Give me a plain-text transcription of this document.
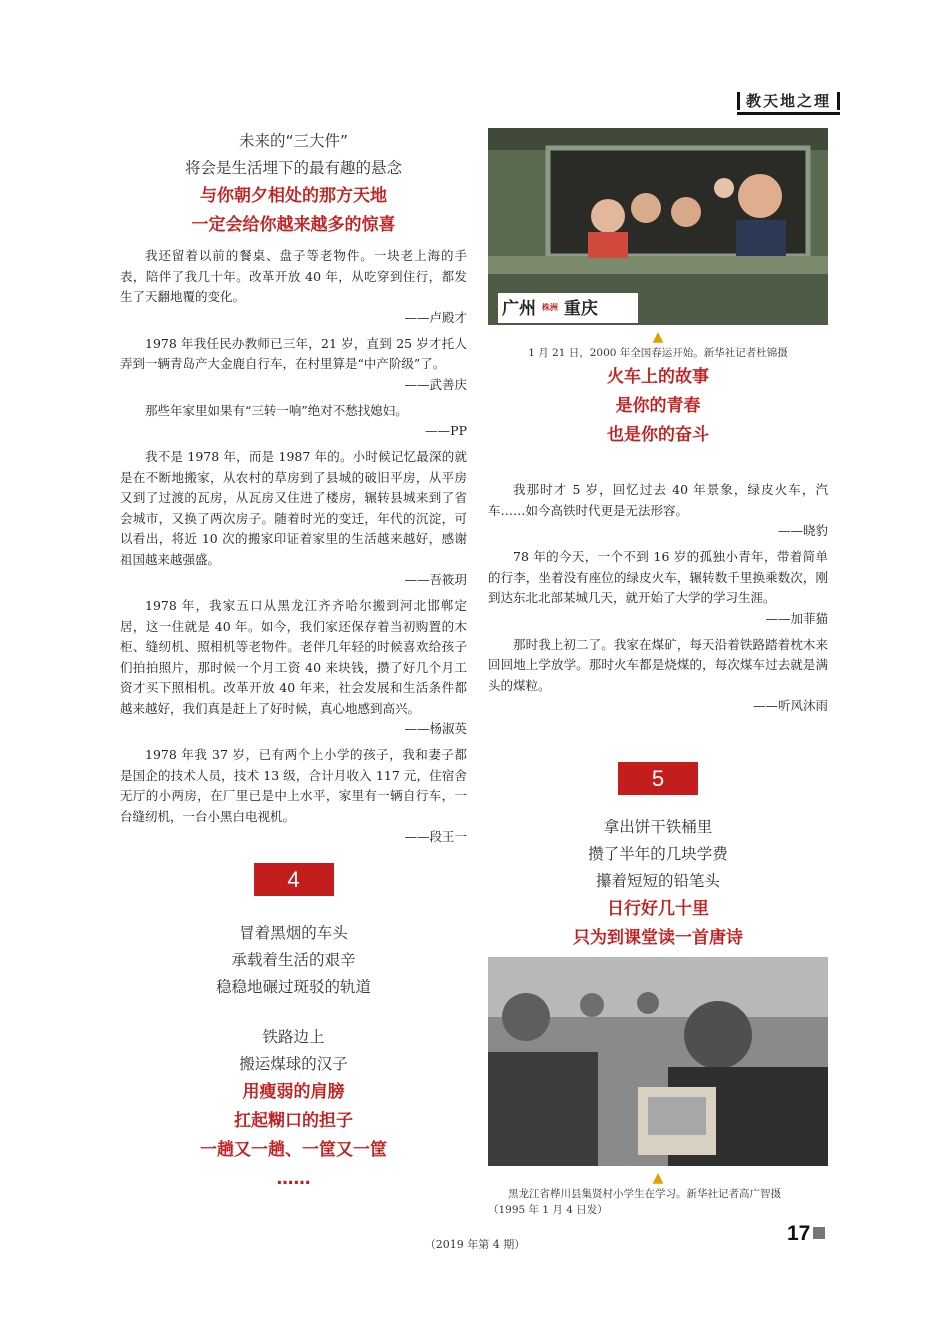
教天地之理
未来的“三大件”
将会是生活埋下的最有趣的悬念
与你朝夕相处的那方天地
一定会给你越来越多的惊喜

我还留着以前的餐桌、盘子等老物件。一块老上海的手表，陪伴了我几十年。改革开放 40 年，从吃穿到住行，都发生了天翻地覆的变化。

——卢殿才

1978 年我任民办教师已三年，21 岁，直到 25 岁才托人弄到一辆青岛产大金鹿自行车，在村里算是“中产阶级”了。

——武善庆

那些年家里如果有“三转一响”绝对不愁找媳妇。

——PP

我不是 1978 年，而是 1987 年的。小时候记忆最深的就是在不断地搬家，从农村的草房到了县城的破旧平房，从平房又到了过渡的瓦房，从瓦房又住进了楼房，辗转县城来到了省会城市，又换了两次房子。随着时光的变迁，年代的沉淀，可以看出，将近 10 次的搬家印证着家里的生活越来越好，感谢祖国越来越强盛。

——吾筱玥

1978 年，我家五口从黑龙江齐齐哈尔搬到河北邯郸定居，这一住就是 40 年。如今，我们家还保存着当初购置的木柜、缝纫机、照相机等老物件。老伴几年轻的时候喜欢给孩子们拍拍照片，那时候一个月工资 40 来块钱，攒了好几个月工资才买下照相机。改革开放 40 年来，社会发展和生活条件都越来越好，我们真是赶上了好时候，真心地感到高兴。

——杨淑英

1978 年我 37 岁，已有两个上小学的孩子，我和妻子都是国企的技术人员，技术 13 级，合计月收入 117 元，住宿舍无厅的小两房，在厂里已是中上水平，家里有一辆自行车，一台缝纫机，一台小黑白电视机。

——段王一

4
冒着黑烟的车头
承载着生活的艰辛
稳稳地碾过斑驳的轨道
铁路边上
搬运煤球的汉子
用瘦弱的肩膀
扛起糊口的担子
一趟又一趟、一筐又一筐
……
广州 $^{株洲}$ 重庆
▲
1 月 21 日，2000 年全国春运开始。新华社记者杜锦摄
火车上的故事
是你的青春
也是你的奋斗

我那时才 5 岁，回忆过去 40 年景象，绿皮火车，汽车……如今高铁时代更是无法形容。

——晓豹

78 年的今天，一个不到 16 岁的孤独小青年，带着简单的行李，坐着没有座位的绿皮火车，辗转数千里换乘数次，刚到达东北北部某城几天，就开始了大学的学习生涯。

——加菲猫

那时我上初二了。我家在煤矿，每天沿着铁路踏着枕木来回回地上学放学。那时火车都是烧煤的，每次煤车过去就是满头的煤粒。

——听风沐雨

5
拿出饼干铁桶里
攒了半年的几块学费
攥着短短的铅笔头
日行好几十里
只为到课堂读一首唐诗
▲
黑龙江省桦川县集贤村小学生在学习。新华社记者高广智摄
（1995 年 1 月 4 日发）
17
（2019 年第 4 期）
